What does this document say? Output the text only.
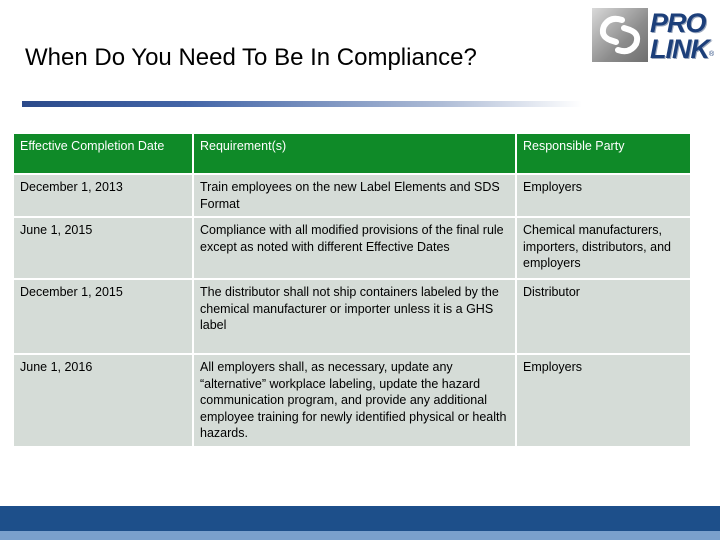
When Do You Need To Be In Compliance?
PRO
LINK ®
Effective Completion Date	Requirement(s)	Responsible Party
December 1, 2013	Train employees on the new Label Elements and SDS Format	Employers
June 1, 2015	Compliance with all modified provisions of the final rule except as noted with different Effective Dates	Chemical manufacturers, importers, distributors, and employers
December 1, 2015	The distributor shall not ship containers labeled by the chemical manufacturer or importer unless it is a GHS label	Distributor
June 1, 2016	All employers shall, as necessary, update any “alternative” workplace labeling, update the hazard communication program, and provide any additional employee training for newly identified physical or health hazards.	Employers
